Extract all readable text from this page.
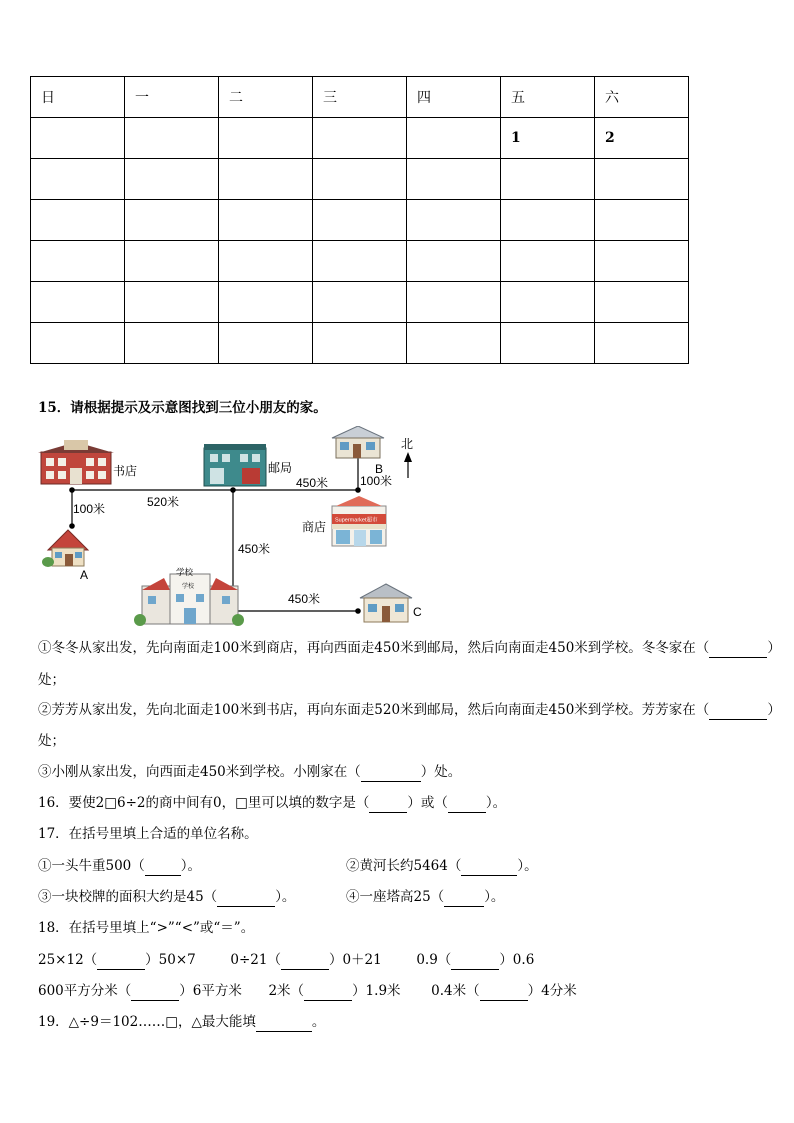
日	一	二	三	四	五	六
					1	2

15．请根据提示及示意图找到三位小朋友的家。
书店	邮局	B
北
Supermarket超市
商店
A	学校
学校
C
100米	520米
450米	100米
450米
450米
①冬冬从家出发，先向南面走100米到商店，再向西面走450米到邮局，然后向南面走450米到学校。冬冬家在（	）
处；
②芳芳从家出发，先向北面走100米到书店，再向东面走520米到邮局，然后向南面走450米到学校。芳芳家在（	）
处；
③小刚从家出发，向西面走450米到学校。小刚家在（	）处。
16．要使2□6÷2的商中间有0，□里可以填的数字是（	）或（	）。
17．在括号里填上合适的单位名称。
①一头牛重500（	）。	②黄河长约5464（	）。
③一块校牌的面积大约是45（	）。	④一座塔高25（	）。
18．在括号里填上“>”“<”或“＝”。
25×12（	）50×7	0÷21（	）0＋21	0.9（	）0.6
600平方分米（	）6平方米 2米（	）1.9米 0.4米（	）4分米
19．△÷9＝102……□，△最大能填	。
